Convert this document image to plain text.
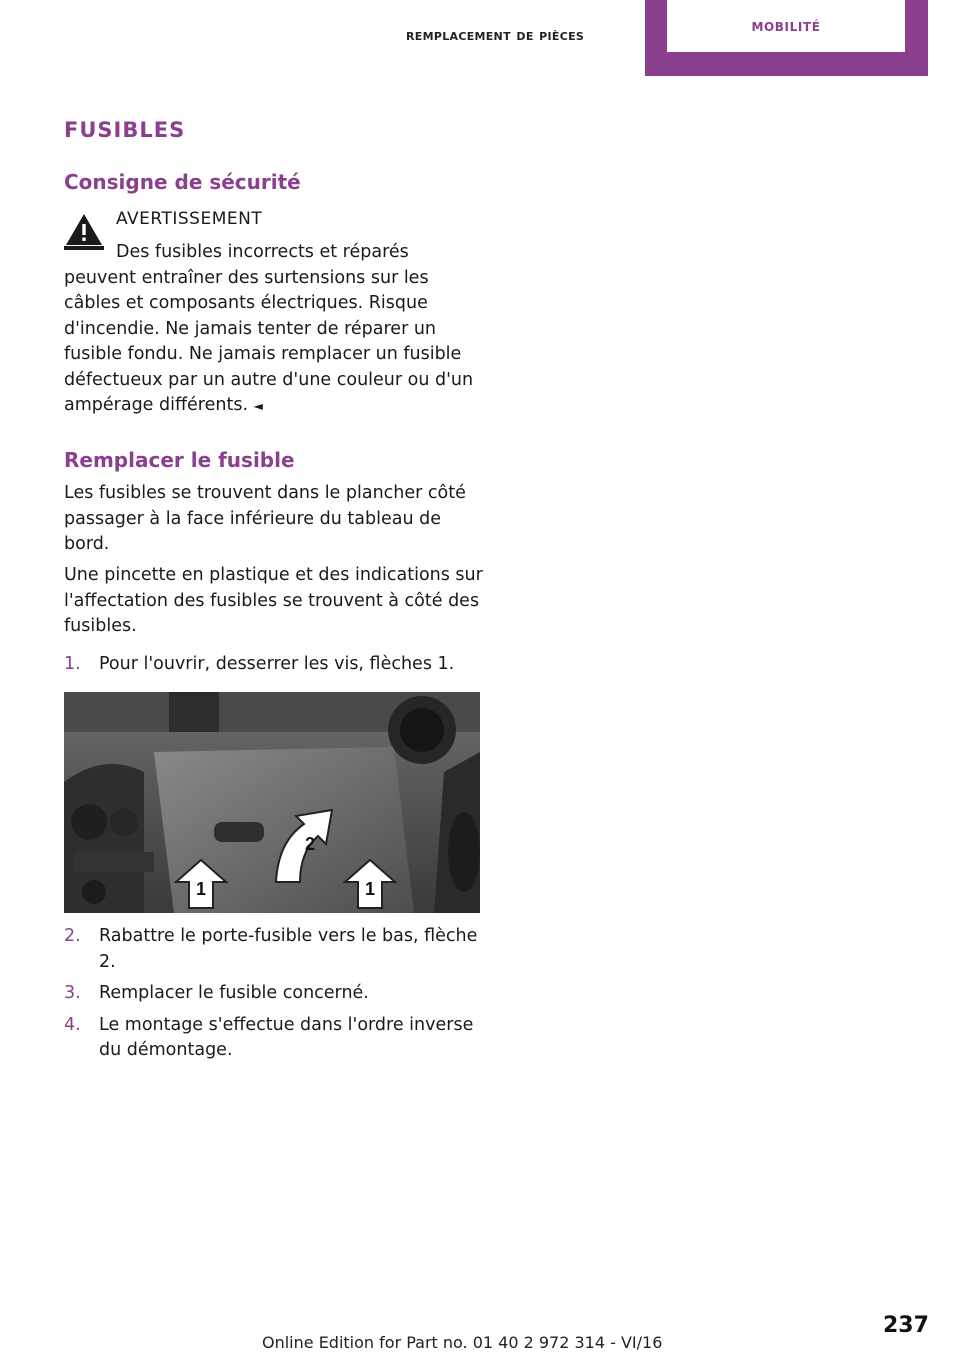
remplacement de pièces	mobilité
fusibles
Consigne de sécurité
AVERTISSEMENT
Des fusibles incorrects et réparés peuvent entraîner des surtensions sur les câbles et composants électriques. Risque d'incendie. Ne jamais tenter de réparer un fusible fondu. Ne jamais remplacer un fusible défectueux par un autre d'une couleur ou d'un ampérage différents. ◄
Remplacer le fusible
Les fusibles se trouvent dans le plancher côté passager à la face inférieure du tableau de bord.
Une pincette en plastique et des indications sur l'affectation des fusibles se trouvent à côté des fusibles.
1.	Pour l'ouvrir, desserrer les vis, flèches 1.
1
2
1
2.	Rabattre le porte-fusible vers le bas, flèche 2.
3.	Remplacer le fusible concerné.
4.	Le montage s'effectue dans l'ordre inverse du démontage.
Online Edition for Part no. 01 40 2 972 314 - VI/16
237
